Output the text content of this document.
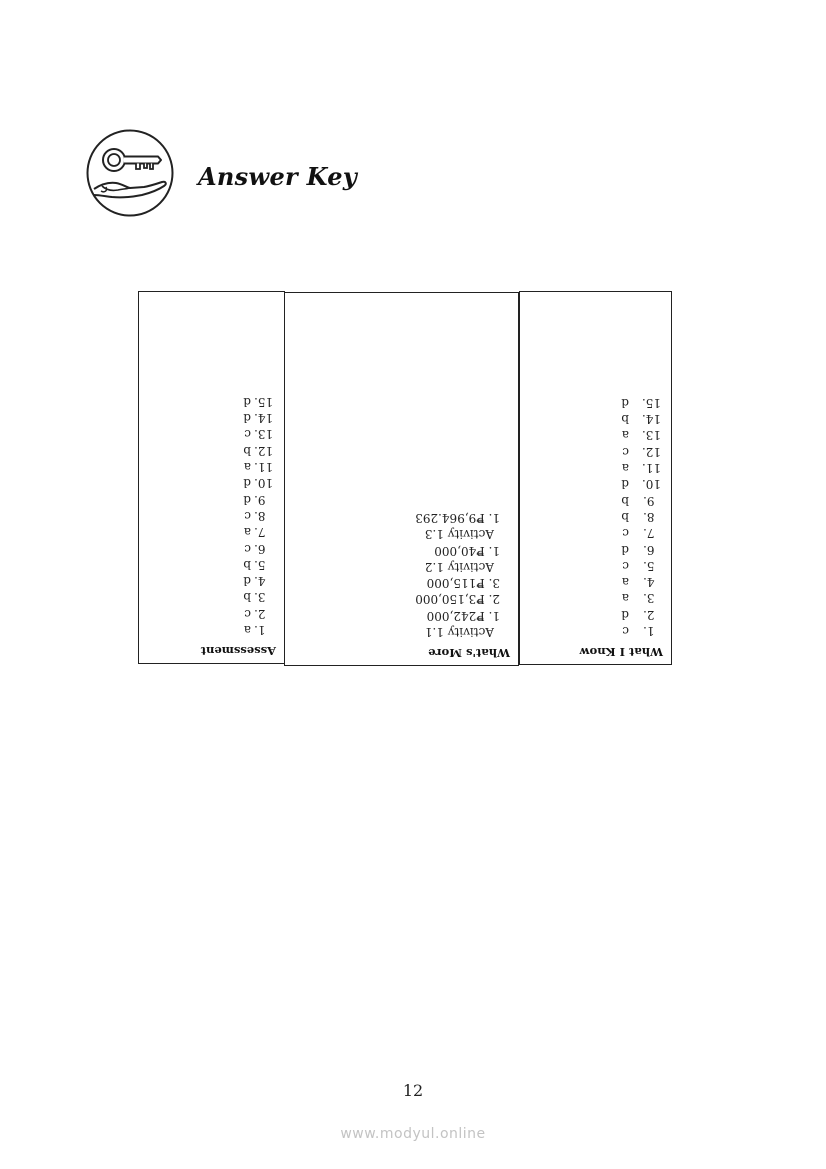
Answer Key
Assessment
1.a
2.c
3.b
4.d
5.b
6.c
7.a
8.c
9.d
10.d
11.a
12.b
13.c
14.d
15.d
What's More
Activity 1.1
1. ₱242,000
2. ₱3,150,000
3. ₱115,000
Activity 1.2
1. ₱40,000
Activity 1.3
1. ₱9,964.293
What I Know
1.c
2.d
3.a
4.a
5.c
6.d
7.c
8.b
9.b
10.d
11.a
12.c
13.a
14.b
15.d
12
www.modyul.online
